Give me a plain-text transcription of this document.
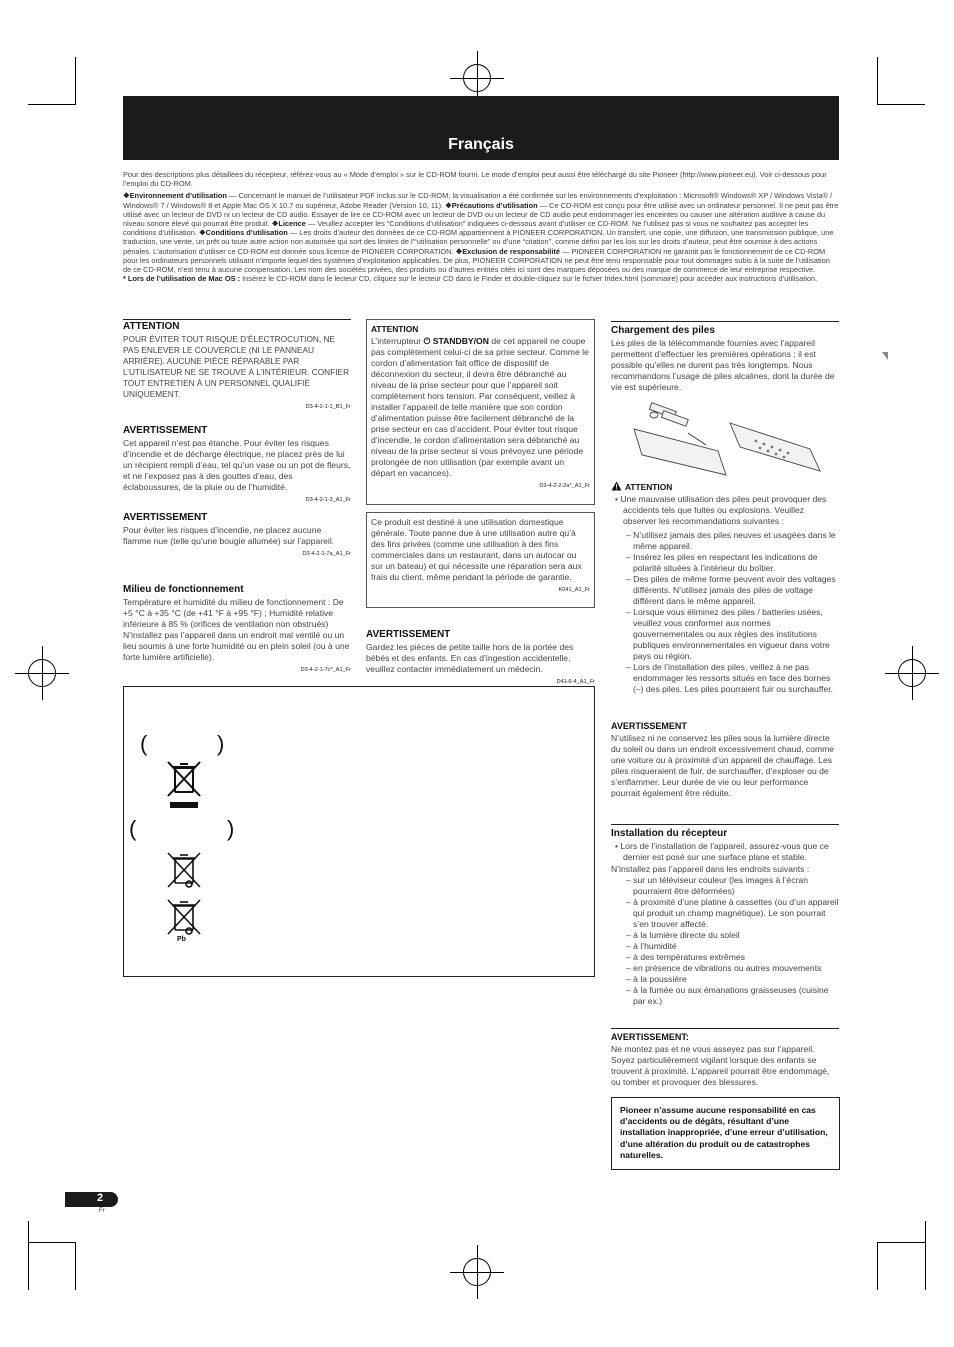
Français

Pour des descriptions plus détaillées du récepteur, référez-vous au « Mode d’emploi » sur le CD-ROM fourni. Le mode d’emploi peut aussi être téléchargé du site Pioneer (http://www.pioneer.eu). Voir ci-dessous pour l’emploi du CD-ROM.

❖Environnement d’utilisation — Concernant le manuel de l’utilisateur PDF inclus sur le CD-ROM, la visualisation a été confirmée sur les environnements d’exploitation : Microsoft® Windows® XP / Windows Vista® / Windows® 7 / Windows® 8 et Apple Mac OS X 10.7 ou supérieur, Adobe Reader (Version 10, 11). ❖Précautions d’utilisation — Ce CD-ROM est conçu pour être utilisé avec un ordinateur personnel. Il ne peut pas être utilisé avec un lecteur de DVD ni un lecteur de CD audio. Essayer de lire ce CD-ROM avec un lecteur de DVD ou un lecteur de CD audio peut endommager les enceintes ou causer une altération auditive à cause du niveau sonore élevé qui pourrait être produit. ❖Licence — Veuillez accepter les “Conditions d’utilisation” indiquées ci-dessous avant d’utiliser ce CD-ROM. Ne l’utilisez pas si vous ne souhaitez pas accepter les conditions d’utilisation. ❖Conditions d’utilisation — Les droits d’auteur des données de ce CD-ROM appartiennent à PIONEER CORPORATION. Un transfert, une copie, une diffusion, une transmission publique, une traduction, une vente, un prêt ou toute autre action non autorisée qui sort des limites de l’“utilisation personnelle” ou d’une “citation”, comme défini par les lois sur les droits d’auteur, peut être soumise à des actions pénales. L’autorisation d’utiliser ce CD-ROM est donnée sous licence de PIONEER CORPORATION. ❖Exclusion de responsabilité — PIONEER CORPORATION ne garantit pas le fonctionnement de ce CD-ROM pour les ordinateurs personnels utilisant n’importe lequel des systèmes d’exploitation applicables. De plus, PIONEER CORPORATION ne peut être tenu responsable pour tout dommages subis à la suite de l’utilisation de ce CD-ROM, n’est tenu à aucune compensation. Les nom des sociétés privées, des produits ou d’autres entités cités ici sont des marques déposées ou des marque de commerce de leur entreprise respective.
* Lors de l’utilisation de Mac OS : Insérez le CD-ROM dans le lecteur CD, cliquez sur le lecteur CD dans le Finder et double-cliquez sur le fichier Index.html (sommaire) pour accéder aux instructions d’utilisation.

ATTENTION

POUR ÉVITER TOUT RISQUE D’ÉLECTROCUTION, NE PAS ENLEVER LE COUVERCLE (NI LE PANNEAU ARRIÈRE). AUCUNE PIÈCE RÉPARABLE PAR L’UTILISATEUR NE SE TROUVE À L’INTÉRIEUR. CONFIER TOUT ENTRETIEN À UN PERSONNEL QUALIFIÉ UNIQUEMENT.

D3-4-2-1-1_B1_Fr

AVERTISSEMENT

Cet appareil n’est pas étanche. Pour éviter les risques d’incendie et de décharge électrique, ne placez près de lui un récipient rempli d’eau, tel qu’un vase ou un pot de fleurs, et ne l’exposez pas à des gouttes d’eau, des éclaboussures, de la pluie ou de l’humidité.

D3-4-2-1-3_A1_Fr

AVERTISSEMENT

Pour éviter les risques d’incendie, ne placez aucune flamme nue (telle qu’une bougie allumée) sur l’appareil.

D3-4-2-1-7a_A1_Fr

Milieu de fonctionnement

Température et humidité du milieu de fonctionnement : De +5 °C à +35 °C (de +41 °F à +95 °F) ; Humidité relative inférieure à 85 % (orifices de ventilation non obstrués)

N’installez pas l’appareil dans un endroit mal ventilé ou un lieu soumis à une forte humidité ou en plein soleil (ou à une forte lumière artificielle).

D3-4-2-1-7c*_A1_Fr

ATTENTION

L’interrupteur ⏻ STANDBY/ON de cet appareil ne coupe pas complètement celui-ci de sa prise secteur. Comme le cordon d’alimentation fait office de dispositif de déconnexion du secteur, il devra être débranché au niveau de la prise secteur pour que l’appareil soit complètement hors tension. Par conséquent, veillez à installer l’appareil de telle manière que son cordon d’alimentation puisse être facilement débranché de la prise secteur en cas d’accident. Pour éviter tout risque d’incendie, le cordon d’alimentation sera débranché au niveau de la prise secteur si vous prévoyez une période prolongée de non utilisation (par exemple avant un départ en vacances).

D3-4-2-2-2a*_A1_Fr

Ce produit est destiné à une utilisation domestique générale. Toute panne due à une utilisation autre qu’à des fins privées (comme une utilisation à des fins commerciales dans un restaurant, dans un autocar ou sur un bateau) et qui nécessite une réparation sera aux frais du client, même pendant la période de garantie.

K041_A1_Fr

AVERTISSEMENT

Gardez les pièces de petite taille hors de la portée des bébés et des enfants. En cas d’ingestion accidentelle, veuillez contacter immédiatement un médecin.

D41-6-4_A1_Fr

(	)
(	)
Pb
Chargement des piles

Les piles de la télécommande fournies avec l’appareil permettent d’effectuer les premières opérations ; il est possible qu’elles ne durent pas très longtemps. Nous recommandons l’usage de piles alcalines, dont la durée de vie est supérieure.

ATTENTION

• Une mauvaise utilisation des piles peut provoquer des accidents tels que fuites ou explosions. Veuillez observer les recommandations suivantes :

– N’utilisez jamais des piles neuves et usagées dans le même appareil.

– Insérez les piles en respectant les indications de polarité situées à l’intérieur du boîtier.

– Des piles de même forme peuvent avoir des voltages différents. N’utilisez jamais des piles de voltage différent dans le même appareil.

– Lorsque vous éliminez des piles / batteries usées, veuillez vous conformer aux normes gouvernementales ou aux règles des institutions publiques environnementales en vigueur dans votre pays ou région.

– Lors de l’installation des piles, veillez à ne pas endommager les ressorts situés en face des bornes (–) des piles. Les piles pourraient fuir ou surchauffer.

AVERTISSEMENT

N’utilisez ni ne conservez les piles sous la lumière directe du soleil ou dans un endroit excessivement chaud, comme une voiture ou à proximité d’un appareil de chauffage. Les piles risqueraient de fuir, de surchauffer, d’exploser ou de s’enflammer. Leur durée de vie ou leur performance pourrait également être réduite.

Installation du récepteur

• Lors de l’installation de l’appareil, assurez-vous que ce dernier est posé sur une surface plane et stable.

N’installez pas l’appareil dans les endroits suivants :

– sur un téléviseur couleur (les images à l’écran pourraient être déformées)

– à proximité d’une platine à cassettes (ou d’un appareil qui produit un champ magnétique). Le son pourrait s’en trouver affecté.

– à la lumière directe du soleil

– à l’humidité

– à des températures extrêmes

– en présence de vibrations ou autres mouvements

– à la poussière

– à la fumée ou aux émanations graisseuses (cuisine par ex.)

AVERTISSEMENT:

Ne montez pas et ne vous asseyez pas sur l’appareil. Soyez particulièrement vigilant lorsque des enfants se trouvent à proximité. L’appareil pourrait être endommagé, ou tomber et provoquer des blessures.

Pioneer n’assume aucune responsabilité en cas d’accidents ou de dégâts, résultant d’une installation inappropriée, d’une erreur d’utilisation, d’une altération du produit ou de catastrophes naturelles.

2
Fr
